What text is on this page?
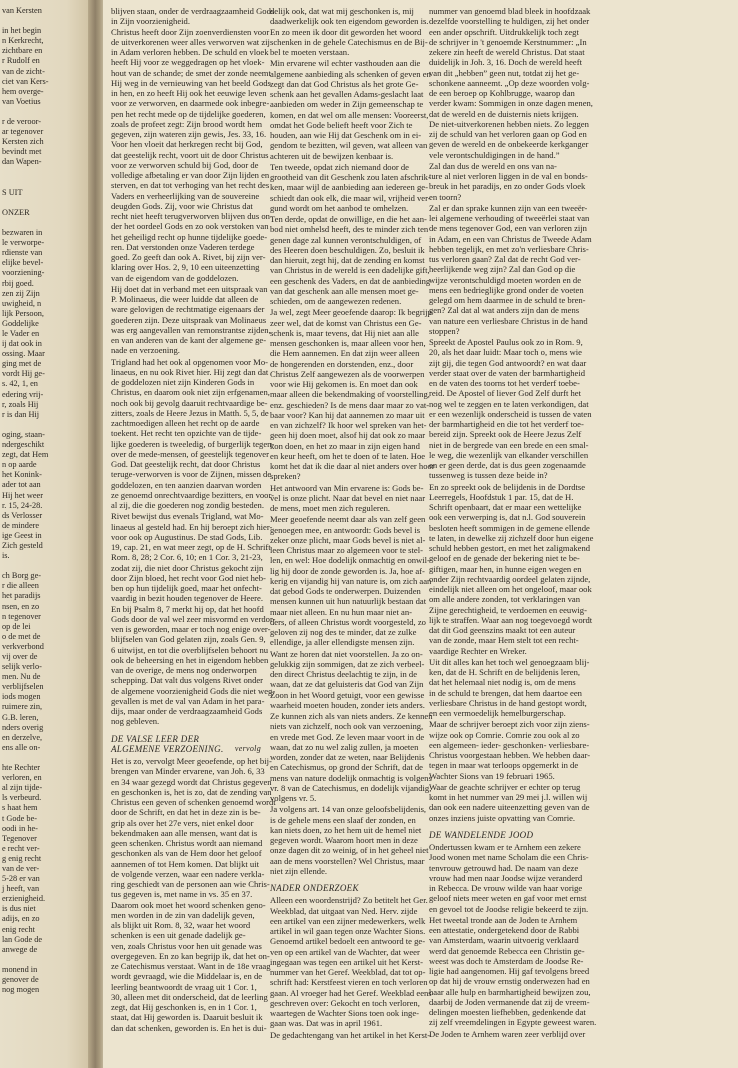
van Kersten

in het begin
n Kerkrecht,
zichtbare en
r Rudolf en
van de zicht-
ciet van Kers-
hem overge-
van Voetius

r de veroor-
ar tegenover
Kersten zich
bevindt met
dan Wapen-

S UIT

ONZER

bezwaren in
le verworpe-
rdienste van
elijke bevel-
voorziening-
rbij goed.
zen zij Zijn
uwigheid, n
lijk Persoon,
Goddelijke
le Vader en
ij dat ook in
ossing. Maar
ging met de
vordt Hij ge-
s. 42, 1, en
edering vrij-
r, zoals Hij
r is dan Hij

oging, staan-
ndergeschikt
zegt, dat Hem
n op aarde
het Konink-
ader tot aan
Hij het weer
r. 15, 24-28.
ds Verlosser
de mindere
ige Geest in
Zich gesteld
is.

ch Borg ge-
r die alleen
het paradijs
nsen, en zo
n tegenover
op de lei
o de met de
verkverbond
vij over de
selijk verlo-
men. Nu de
verblijfselen
iods mogen
ruimere zin,
G.B. leren,
nders overig
en derzelve,
ens alle on-

hte Rechter
verloren, en
al zijn tijde-
ls verbeurd.
s haat hem
t Gode be-
oodi in he-
Tegenover
e recht ver-
g enig recht
van de ver-
5-28 er van
j heeft, van
erzienigheid.
is dus niet
adijs, en zo
enig recht
lan Gode de
anwege de

monend in
genover de
nog mogen
blijven staan, onder de verdraagzaamheid Gods
in Zijn voorzienigheid.
Christus heeft door Zijn zoenverdiensten voor
de uitverkorenen weer alles verworven wat zij
in Adam verloren hebben. De schuld en vloek
heeft Hij voor ze weggedragen op het vloek-
hout van de schande; de smet der zonde neemt
Hij weg in de vernieuwing van het beeld Gods
in hen, en zo heeft Hij ook het eeuwige leven
voor ze verworven, en daarmede ook inbegre-
pen het recht mede op de tijdelijke goederen,
zoals de profeet zegt: Zijn brood wordt hem
gegeven, zijn wateren zijn gewis, Jes. 33, 16.
Voor hen vloeit dat herkregen recht bij God,
dat geestelijk recht, voort uit de door Christus
voor ze verworven schuld bij God, door de
volledige afbetaling er van door Zijn lijden en
sterven, en dat tot verhoging van het recht des
Vaders en verheerlijking van de souvereine
deugden Gods. Zij, voor wie Christus dat
recht niet heeft terugverworven blijven dus on-
der het oordeel Gods en zo ook verstoken van
het geheiligd recht op hunne tijdelijke goede-
ren. Dat verstonden onze Vaderen terdege
goed. Zo geeft dan ook A. Rivet, bij zijn ver-
klaring over Hos. 2, 9, 10 een uiteenzetting
van de eigendom van de goddelozen.
Hij doet dat in verband met een uitspraak van
P. Molinaeus, die weer luidde dat alleen de
ware gelovigen de rechtmatige eigenaars der
goederen zijn. Deze uitspraak van Molinaeus
was erg aangevallen van remonstrantse zijden,
en van anderen van de kant der algemene ge-
nade en verzoening.
Trigland had het ook al opgenomen voor Mo-
linaeus, en nu ook Rivet hier. Hij zegt dan dat
de goddelozen niet zijn Kinderen Gods in
Christus, en daarom ook niet zijn erfgenamen,
noch ook bij gevolg daaruit rechtvaardige be-
zitters, zoals de Heere Jezus in Matth. 5, 5, de
zachtmoedigen alleen het recht op de aarde
toekent. Het recht ten opzichte van de tijde-
lijke goederen is tweeledig, of burgerlijk tegen-
over de mede-mensen, of geestelijk tegenover
God. Dat geestelijk recht, dat door Christus
teruge-verworven is voor de Zijnen, missen de
goddelozen, en ten aanzien daarvan worden
ze genoemd onrechtvaardige bezitters, en voor-
al zij, die die goederen nog zondig besteden.
Rivet bewijst dus evenals Trigland, wat Mo-
linaeus al gesteld had. En hij beroept zich hier-
voor ook op Augustinus. De stad Gods, Lib.
19, cap. 21, en wat meer zegt, op de H. Schrift
Rom. 8, 28; 2 Cor. 6, 10; en 1 Cor. 3, 21-23,
zodat zij, die niet door Christus gekocht zijn
door Zijn bloed, het recht voor God niet heb-
ben op hun tijdelijk goed, maar het onfecht-
vaardig in bezit houden tegenover de Heere.
En bij Psalm 8, 7 merkt hij op, dat het hoofd
Gods door de val wel zeer misvormd en verdor-
ven is geworden, maar er toch nog enige over-
blijfselen van God gelaten zijn, zoals Gen. 9,
6 uitwijst, en tot die overblijfselen behoort nu
ook de beheersing en het in eigendom hebben
van de overige, de mens nog onderworpen
schepping. Dat valt dus volgens Rivet onder
de algemene voorzienigheid Gods die niet weg-
gevallen is met de val van Adam in het para-
dijs, maar onder de verdraagzaamheid Gods
nog gebleven.
DE VALSE LEER DER
ALGEMENE VERZOENING. vervolg
Het is zo, vervolgt Meer geoefende, op het bij-
brengen van Minder ervarene, van Joh. 6, 33
en 34 waar gezegd wordt dat Christus gegeven
en geschonken is, het is zo, dat de zending van
Christus een geven of schenken genoemd wordt
door de Schrift, en dat het in deze zin is be-
grip als over het 27e vers, niet enkel door
bekendmaken aan alle mensen, want dat is
geen schenken. Christus wordt aan niemand
geschonken als van de Hem door het geloof
aannemen of tot Hem komen. Dat blijkt uit
de volgende verzen, waar een nadere verkla-
ring geschiedt van de personen aan wie Chris-
tus gegeven is, met name in vs. 35 en 37.
Daarom ook moet het woord schenken geno-
men worden in de zin van dadelijk geven,
als blijkt uit Rom. 8, 32, waar het woord
schenken is een uit genade dadelijk ge-
ven, zoals Christus voor hen uit genade was
overgegeven. En zo kan begrijp ik, dat het on-
ze Catechismus verstaat. Want in de 18e vraag
wordt gevraagd, wie die Middelaar is, en de
leerling beantwoordt de vraag uit 1 Cor. 1,
30, alleen met dit onderscheid, dat de leerling
zegt, dat Hij geschonken is, en in 1 Cor. 1,
staat, dat Hij geworden is. Daaruit besluit ik
dan dat schenken, geworden is. En het is dui-
delijk ook, dat wat mij geschonken is, mij
daadwerkelijk ook ten eigendom geworden is.
En zo meen ik door dit geworden het woord
schenken in de gehele Catechismus en de Bij-
bel te moeten verstaan.
Min ervarene wil echter vasthouden aan die
algemene aanbieding als schenken of geven en
zegt dan dat God Christus als het grote Ge-
schenk aan het gevallen Adams-geslacht laat
aanbieden om weder in Zijn gemeenschap te
komen, en dat wel om alle mensen: Vooreerst,
omdat het Gode belieft heeft voor Zich te
houden, aan wie Hij dat Geschenk om in ei-
gendom te bezitten, wil geven, wat alleen van
achteren uit de bewijzen kenbaar is.
Ten tweede, opdat zich niemand door de
grootheid van dit Geschenk zou laten afschrik-
ken, maar wijl de aanbieding aan iedereen ge-
schiedt dan ook elk, die maar wil, vrijheid ver-
gund wordt om het aanbod te omhelzen.
Ten derde, opdat de onwillige, en die het aan-
bod niet omhelsd heeft, des te minder zich ten
genen dage zal kunnen verontschuldigen, of
des Heeren doen beschuldigen. Zo, besluit ik
dan hieruit, zegt hij, dat de zending en komst
van Christus in de wereld is een dadelijke gift,
een geschenk des Vaders, en dat de aanbieding
van dat geschenk aan alle mensen moet ge-
schieden, om de aangewezen redenen.
Ja wel, zegt Meer geoefende daarop: Ik begrijp
zeer wel, dat de komst van Christus een Ge-
schenk is, maar tevens, dat Hij niet aan alle
mensen geschonken is, maar alleen voor hen,
die Hem aannemen. En dat zijn weer alleen
de hongerenden en dorstenden, enz., door
Christus Zelf aangewezen als de voorwerpen
voor wie Hij gekomen is. En moet dan ook
maar alleen die bekendmaking of voorstelling,
enz. geschieden? Is de mens daar maar zo vat-
baar voor? Kan hij dat aannemen zo maar uit
en van zichzelf? Ik hoor wel spreken van het-
geen hij doen moet, alsof hij dat ook zo maar
kon doen, en het zo maar in zijn eigen hand
en keur heeft, om het te doen of te laten. Hoe
komt het dat ik die daar al niet anders over hoor
spreken?
Het antwoord van Min ervarene is: Gods be-
vel is onze plicht. Naar dat bevel en niet naar
de mens, moet men zich reguleren.
Meer geoefende neemt daar als van zelf geen
genoegen mee, en antwoordt: Gods bevel is
zeker onze plicht, maar Gods bevel is niet al-
leen Christus maar zo algemeen voor te stel-
len, en wel: Hoe dodelijk onmachtig en onwil-
lig hij door de zonde geworden is. Ja, hoe af-
kerig en vijandig hij van nature is, om zich aan
dat gebod Gods te onderwerpen. Duizenden
mensen kunnen uit hun natuurlijk bestaan dat
maar niet alleen. En nu hun maar niet an-
ders, of alleen Christus wordt voorgesteld, zo
geloven zij nog des te minder, dat ze zulke
ellendige, ja aller ellendigste mensen zijn.
Want ze horen dat niet voorstellen. Ja zo on-
gelukkig zijn sommigen, dat ze zich verbeel-
den direct Christus deelachtig te zijn, in de
waan, dat ze dat geluisteris dat God van Zijn
Zoon in het Woord getuigt, voor een gewisse
waarheid moeten houden, zonder iets anders.
Ze kunnen zich als van niets anders. Ze kennen
niets van zichzelf, noch ook van verzoening,
en vrede met God. Ze leven maar voort in de
waan, dat zo nu wel zalig zullen, ja moeten
worden, zonder dat ze weten, naar Belijdenis
en Catechismus, op grond der Schrift, dat de
mens van nature dodelijk onmachtig is volgens
vr. 8 van de Catechismus, en dodelijk vijandig,
volgens vr. 5.
Ja volgens art. 14 van onze geloofsbelijdenis,
is de gehele mens een slaaf der zonden, en
kan niets doen, zo het hem uit de hemel niet
gegeven wordt. Waarom hoort men in deze
onze dagen dit zo weinig, of in het geheel niet
aan de mens voorstellen? Wel Christus, maar
niet zijn ellende.
NADER ONDERZOEK
Alleen een woordenstrijd? Zo betitelt het Ger.
Weekblad, dat uitgaat van Ned. Herv. zijde
een artikel van een zijner medewerkers, welk
artikel in wil gaan tegen onze Wachter Sions.
Genoemd artikel bedoelt een antwoord te ge-
ven op een artikel van de Wachter, dat weer
ingegaan was tegen een artikel uit het Kerst-
nummer van het Geref. Weekblad, dat tot op-
schrift had: Kerstfeest vieren en toch verloren
gaan. Al vroeger had het Geref. Weekblad eens
geschreven over: Gekocht en toch verloren,
waartegen de Wachter Sions toen ook inge-
gaan was. Dat was in april 1961.
De gedachtengang van het artikel in het Kerst-
nummer van genoemd blad bleek in hoofdzaak
dezelfde voorstelling te huldigen, zij het onder
een ander opschrift. Uitdrukkelijk toch zegt
de schrijver in 't genoemde Kerstnummer: „In
zekere zin heeft de wereld Christus. Dat staat
duidelijk in Joh. 3, 16. Doch de wereld heeft
van dit „hebben” geen nut, totdat zij het ge-
schonkene aanneemt. „Op deze woorden volg-
de een beroep op Kohlbrugge, waarop dan
verder kwam: Sommigen in onze dagen menen,
dat de wereld en de duisternis niets krijgen.
De niet-uitverkorenen hebben niets. Zo leggen
zij de schuld van het verloren gaan op God en
geven de wereld en de onbekeerde kerkganger
vele verontschuldigingen in de hand.”
Zal dan dus de wereld en ons van na-
ture al niet verloren liggen in de val en bonds-
breuk in het paradijs, en zo onder Gods vloek
en toorn?
Zal er dan sprake kunnen zijn van een tweeër-
lei algemene verhouding of tweeërlei staat van
de mens tegenover God, een van verloren zijn
in Adam, en een van Christus de Tweede Adam
hebben tegelijk, en met zo'n verliesbare Chris-
tus verloren gaan? Zal dat de recht God ver-
heerlijkende weg zijn? Zal dan God op die
wijze verontschuldigd moeten worden en de
mens een bedrieglijke grond onder de voeten
gelegd om hem daarmee in de schuld te bren-
gen? Zal dat al wat anders zijn dan de mens
van nature een verliesbare Christus in de hand
stoppen?
Spreekt de Apostel Paulus ook zo in Rom. 9,
20, als het daar luidt: Maar toch o, mens wie
zijt gij, die tegen God antwoordt? en wat daar
verder staat over de vaten der barmhartigheid
en de vaten des toorns tot het verderf toebe-
reid. De Apostel of liever God Zelf durft het
nog wel te zeggen en te laten verkondigen, dat
er een wezenlijk onderscheid is tussen de vaten
der barmhartigheid en die tot het verderf toe-
bereid zijn. Spreekt ook de Heere Jezus Zelf
niet in de bergrede van een brede en een smal-
le weg, die wezenlijk van elkander verschillen
en er geen derde, dat is dus geen zogenaamde
tussenweg is tussen deze beide in?
En zo spreekt ook de belijdenis in de Dordtse
Leerregels, Hoofdstuk 1 par. 15, dat de H.
Schrift openbaart, dat er maar een wettelijke
ook een verwerping is, dat n.l. God souverein
besloten heeft sommigen in de gemene ellende
te laten, in dewelke zij zichzelf door hun eigene
schuld hebben gestort, en met het zaligmakend
geloof en de genade der bekering niet te be-
giftigen, maar hen, in hunne eigen wegen en
onder Zijn rechtvaardig oordeel gelaten zijnde,
eindelijk niet alleen om het ongeloof, maar ook
om alle andere zonden, tot verklaringen van
Zijne gerechtigheid, te verdoemen en eeuwig-
lijk te straffen. Waar aan nog toegevoegd wordt
dat dit God geenszins maakt tot een auteur
van de zonde, maar Hem stelt tot een recht-
vaardige Rechter en Wreker.
Uit dit alles kan het toch wel genoegzaam blij-
ken, dat de H. Schrift en de belijdenis leren,
dat het helemaal niet nodig is, om de mens
in de schuld te brengen, dat hem daartoe een
verliesbare Christus in de hand gestopt wordt,
en een vermoedelijk hemelburgerschap.
Maar de schrijver beroept zich voor zijn ziens-
wijze ook op Comrie. Comrie zou ook al zo
een algemeen- ieder- geschonken- verliesbare-
Christus voorgestaan hebben. We hebben daar-
tegen in maar wat terloops opgemerkt in de
Wachter Sions van 19 februari 1965.
Waar de geachte schrijver er echter op terug
komt in het nummer van 29 mei j.l. willen wij
dan ook een nadere uiteenzetting geven van de
onzes inziens juiste opvatting van Comrie.
DE WANDELENDE JOOD
Ondertussen kwam er te Arnhem een zekere
Jood wonen met name Scholam die een Chris-
tenvrouw getrouwd had. De naam van deze
vrouw had men naar Joodse wijze veranderd
in Rebecca. De vrouw wilde van haar vorige
geloof niets meer weten en gaf voor met ernst
en gevoel tot de Joodse religie bekeerd te zijn.
Het tweetal tronde aan de Joden te Arnhem
een attestatie, ondergetekend door de Rabbi
van Amsterdam, waarin uitvoerig verklaard
werd dat genoemde Rebecca een Christin ge-
weest was doch te Amsterdam de Joodse Re-
ligie had aangenomen. Hij gaf tevolgens breed
op dat hij de vrouw ernstig onderwezen had en
haar alle hulp en barmhartigheid bewijzen zou,
daarbij de Joden vermanende dat zij de vreem-
delingen moesten liefhebben, gedenkende dat
zij zelf vreemdelingen in Egypte geweest waren.
De Joden te Arnhem waren zeer verblijd over
